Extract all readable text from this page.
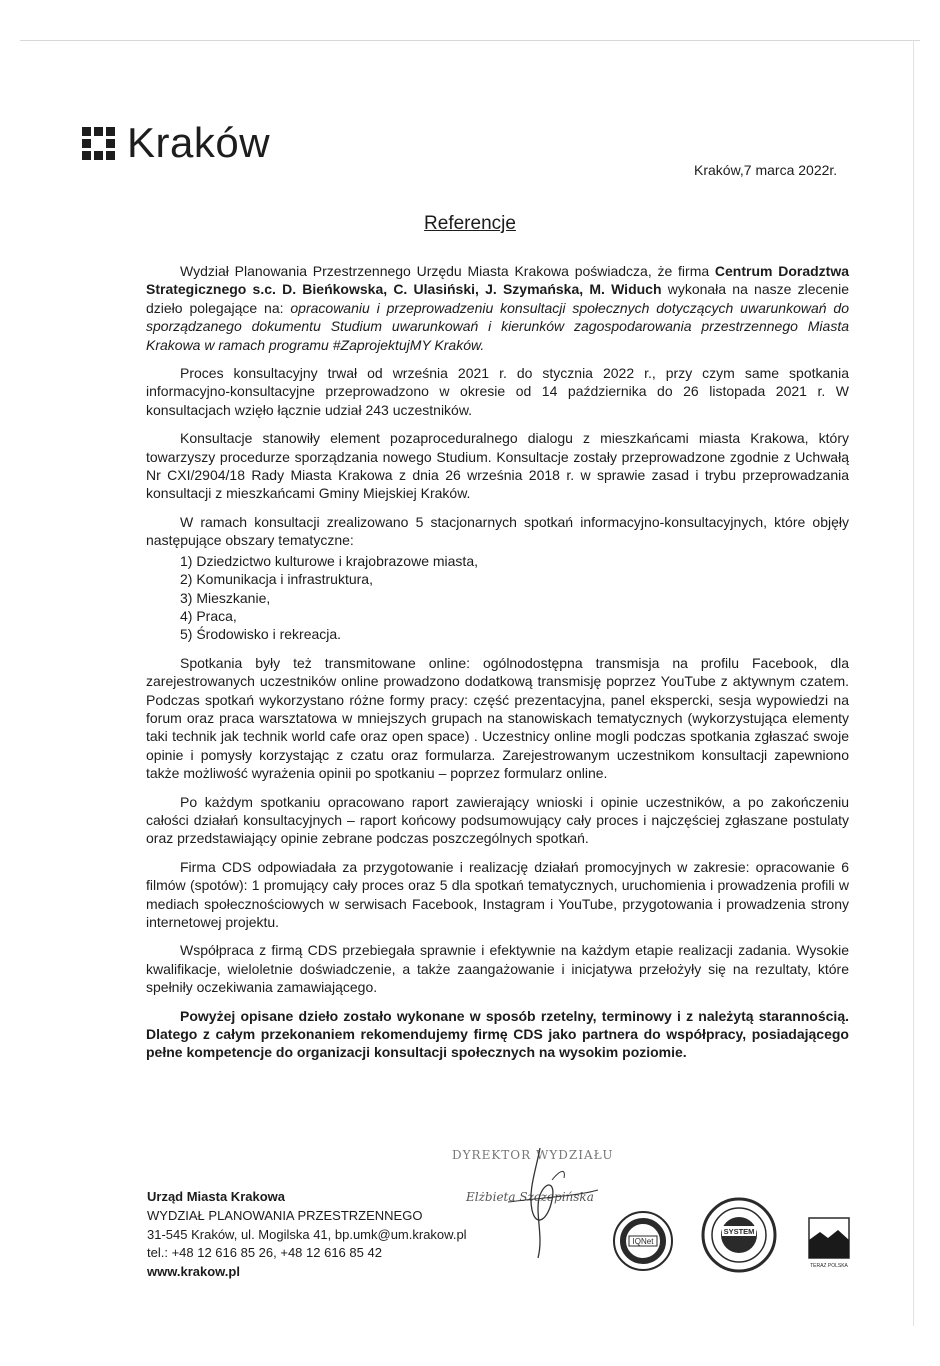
Kraków
Kraków,7 marca 2022r.
Referencje

Wydział Planowania Przestrzennego Urzędu Miasta Krakowa poświadcza, że firma Centrum Doradztwa Strategicznego s.c. D. Bieńkowska, C. Ulasiński, J. Szymańska, M. Widuch wykonała na nasze zlecenie dzieło polegające na: opracowaniu i przeprowadzeniu konsultacji społecznych dotyczących uwarunkowań do sporządzanego dokumentu Studium uwarunkowań i kierunków zagospodarowania przestrzennego Miasta Krakowa w ramach programu #ZaprojektujMY Kraków.

Proces konsultacyjny trwał od września 2021 r. do stycznia 2022 r., przy czym same spotkania informacyjno-konsultacyjne przeprowadzono w okresie od 14 października do 26 listopada 2021 r. W konsultacjach wzięło łącznie udział 243 uczestników.

Konsultacje stanowiły element pozaproceduralnego dialogu z mieszkańcami miasta Krakowa, który towarzyszy procedurze sporządzania nowego Studium. Konsultacje zostały przeprowadzone zgodnie z Uchwałą Nr CXI/2904/18 Rady Miasta Krakowa z dnia 26 września 2018 r. w sprawie zasad i trybu przeprowadzania konsultacji z mieszkańcami Gminy Miejskiej Kraków.

W ramach konsultacji zrealizowano 5 stacjonarnych spotkań informacyjno-konsultacyjnych, które objęły następujące obszary tematyczne:

1) Dziedzictwo kulturowe i krajobrazowe miasta,
2) Komunikacja i infrastruktura,
3) Mieszkanie,
4) Praca,
5) Środowisko i rekreacja.

Spotkania były też transmitowane online: ogólnodostępna transmisja na profilu Facebook, dla zarejestrowanych uczestników online prowadzono dodatkową transmisję poprzez YouTube z aktywnym czatem. Podczas spotkań wykorzystano różne formy pracy: część prezentacyjna, panel ekspercki, sesja wypowiedzi na forum oraz praca warsztatowa w mniejszych grupach na stanowiskach tematycznych (wykorzystująca elementy taki technik jak technik world cafe oraz open space) . Uczestnicy online mogli podczas spotkania zgłaszać swoje opinie i pomysły korzystając z czatu oraz formularza. Zarejestrowanym uczestnikom konsultacji zapewniono także możliwość wyrażenia opinii po spotkaniu – poprzez formularz online.

Po każdym spotkaniu opracowano raport zawierający wnioski i opinie uczestników, a po zakończeniu całości działań konsultacyjnych – raport końcowy podsumowujący cały proces i najczęściej zgłaszane postulaty oraz przedstawiający opinie zebrane podczas poszczególnych spotkań.

Firma CDS odpowiadała za przygotowanie i realizację działań promocyjnych w zakresie: opracowanie 6 filmów (spotów): 1 promujący cały proces oraz 5 dla spotkań tematycznych, uruchomienia i prowadzenia profili w mediach społecznościowych w serwisach Facebook, Instagram i YouTube, przygotowania i prowadzenia strony internetowej projektu.

Współpraca z firmą CDS przebiegała sprawnie i efektywnie na każdym etapie realizacji zadania. Wysokie kwalifikacje, wieloletnie doświadczenie, a także zaangażowanie i inicjatywa przełożyły się na rezultaty, które spełniły oczekiwania zamawiającego.

Powyżej opisane dzieło zostało wykonane w sposób rzetelny, terminowy i z należytą starannością. Dlatego z całym przekonaniem rekomendujemy firmę CDS jako partnera do współpracy, posiadającego pełne kompetencje do organizacji konsultacji społecznych na wysokim poziomie.

DYREKTOR WYDZIAŁU
Elżbieta Szczepińska
Urząd Miasta Krakowa
WYDZIAŁ PLANOWANIA PRZESTRZENNEGO
31-545 Kraków, ul. Mogilska 41, bp.umk@um.krakow.pl
tel.: +48 12 616 85 26, +48 12 616 85 42
www.krakow.pl
IQNet
SYSTEM
TERAZ POLSKA
